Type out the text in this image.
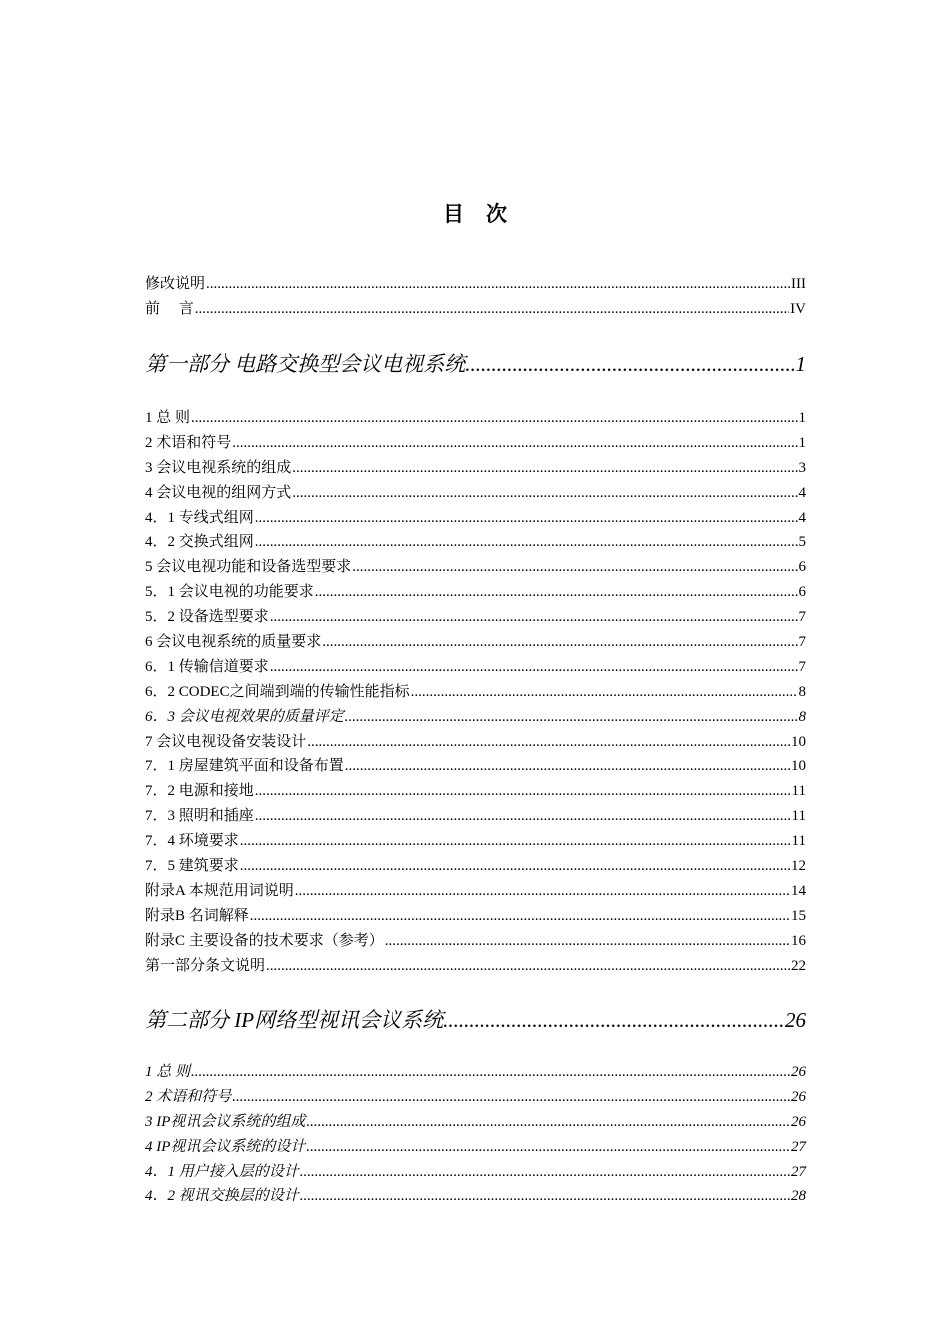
目次
修改说明 .....	III
前　 言 .....	IV
第一部分 电路交换型会议电视系统 .....	1
1 总 则 .....	1
2 术语和符号 .....	1
3 会议电视系统的组成 .....	3
4 会议电视的组网方式 .....	4
4．1 专线式组网 .....	4
4．2 交换式组网 .....	5
5 会议电视功能和设备选型要求 .....	6
5．1 会议电视的功能要求 .....	6
5．2 设备选型要求 .....	7
6 会议电视系统的质量要求 .....	7
6．1 传输信道要求 .....	7
6．2 CODEC之间端到端的传输性能指标 .....	8
6．3 会议电视效果的质量评定 .....	8
7 会议电视设备安装设计 .....	10
7．1 房屋建筑平面和设备布置 .....	10
7．2 电源和接地 .....	11
7．3 照明和插座 .....	11
7．4 环境要求 .....	11
7．5 建筑要求 .....	12
附录A 本规范用词说明 .....	14
附录B 名词解释 .....	15
附录C 主要设备的技术要求（参考） .....	16
第一部分条文说明 .....	22
第二部分 IP网络型视讯会议系统 .....	26
1 总 则 .....	26
2 术语和符号 .....	26
3 IP视讯会议系统的组成 .....	26
4 IP视讯会议系统的设计 .....	27
4．1 用户接入层的设计 .....	27
4．2 视讯交换层的设计 .....	28
